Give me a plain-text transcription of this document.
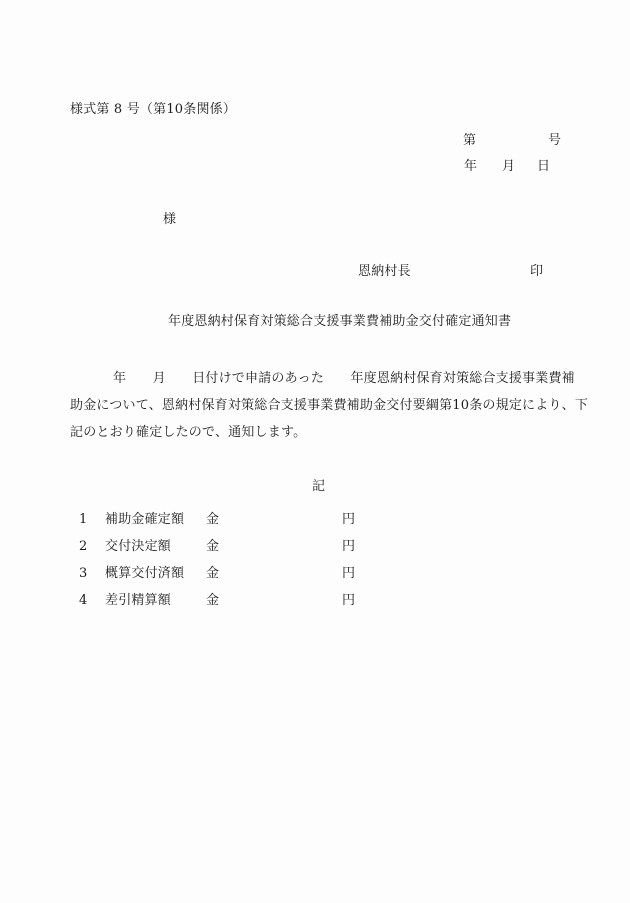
様式第 8 号（第10条関係）
第	号
年 月 日
様
恩納村長	印
年度恩納村保育対策総合支援事業費補助金交付確定通知書
年　　月　　日付けで申請のあった　　年度恩納村保育対策総合支援事業費補
助金について、恩納村保育対策総合支援事業費補助金交付要綱第10条の規定により、下
記のとおり確定したので、通知します。
記
1 補助金確定額 金	円
2 交付決定額	金	円
3 概算交付済額 金	円
4 差引精算額	金	円
